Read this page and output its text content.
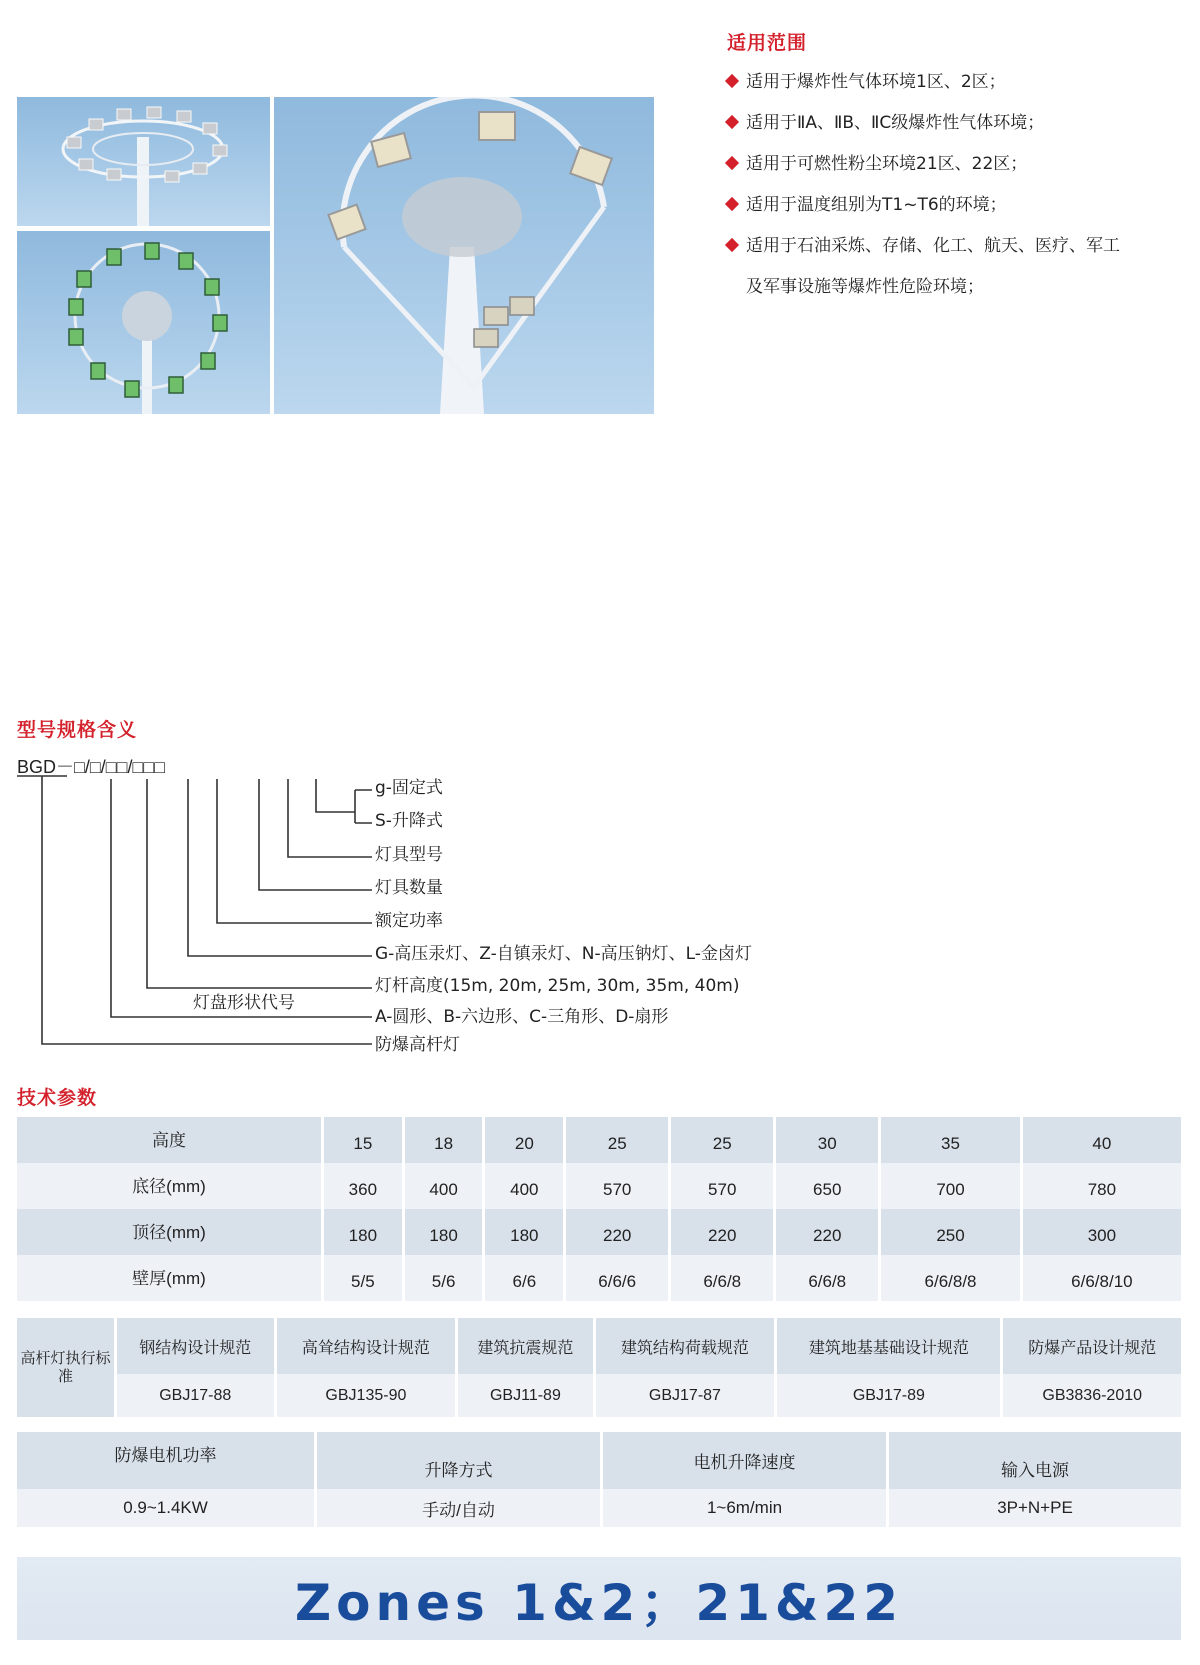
适用范围
适用于爆炸性气体环境1区、2区；
适用于ⅡA、ⅡB、ⅡC级爆炸性气体环境；
适用于可燃性粉尘环境21区、22区；
适用于温度组别为T1~T6的环境；
适用于石油采炼、存储、化工、航天、医疗、军工
及军事设施等爆炸性危险环境；
型号规格含义
BGD－□/□/□□/□□□
g-固定式
S-升降式
灯具型号
灯具数量
额定功率
G-高压汞灯、Z-自镇汞灯、N-高压钠灯、L-金卤灯
灯杆高度(15m, 20m, 25m, 30m, 35m, 40m)
灯盘形状代号
A-圆形、B-六边形、C-三角形、D-扇形
防爆高杆灯
技术参数
高度	15	18	20	25	25	30	35	40
底径(mm)	360	400	400	570	570	650	700	780
顶径(mm)	180	180	180	220	220	220	250	300
壁厚(mm)	5/5	5/6	6/6	6/6/6	6/6/8	6/6/8	6/6/8/8	6/6/8/10
高杆灯执行标准	钢结构设计规范	高耸结构设计规范	建筑抗震规范	建筑结构荷载规范	建筑地基基础设计规范	防爆产品设计规范
	GBJ17-88	GBJ135-90	GBJ11-89	GBJ17-87	GBJ17-89	GB3836-2010
防爆电机功率	升降方式	电机升降速度	输入电源
0.9~1.4KW	手动/自动	1~6m/min	3P+N+PE
Zones 1&2；21&22
